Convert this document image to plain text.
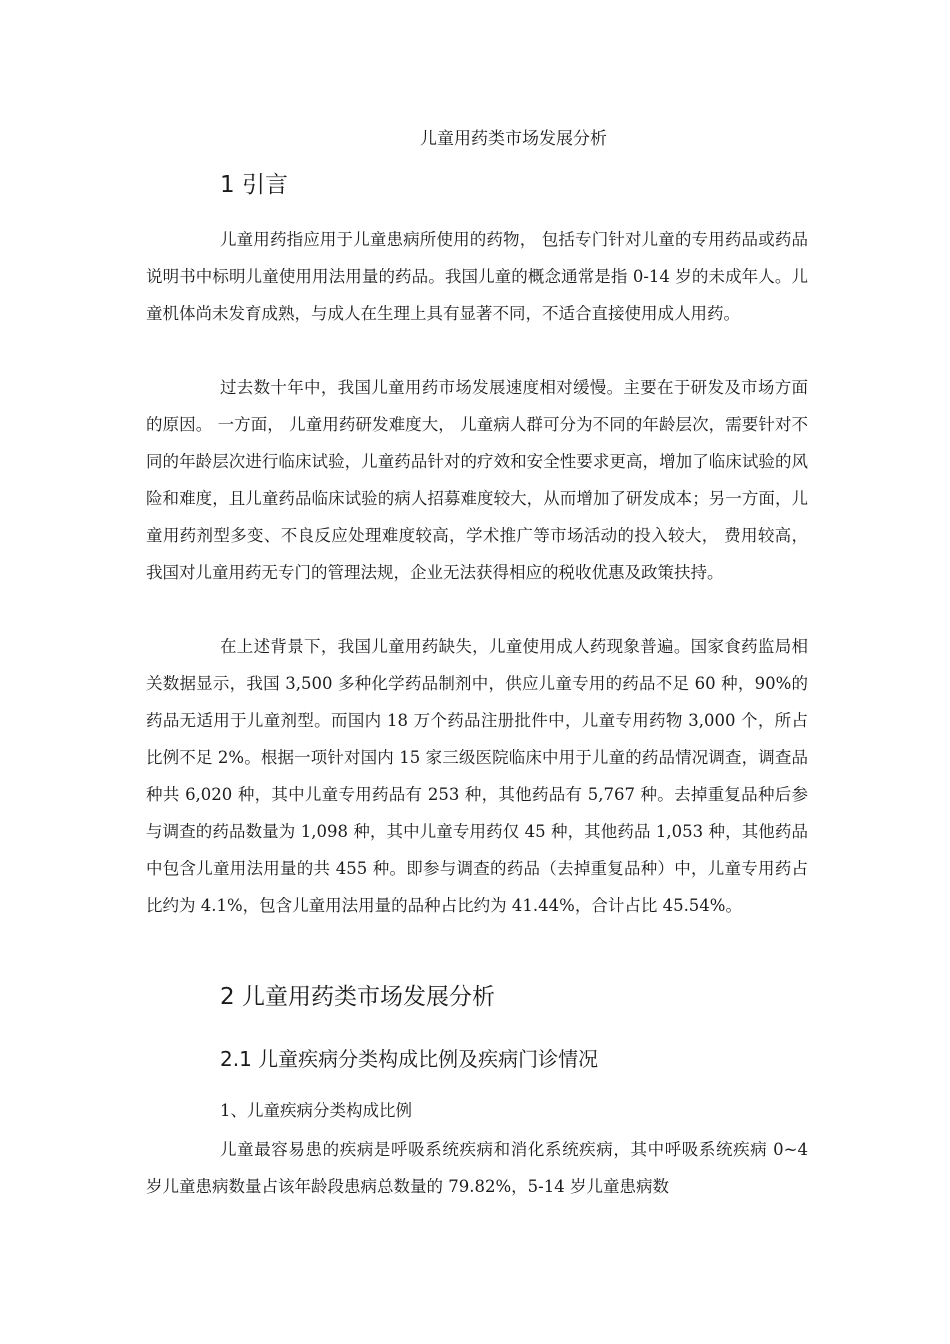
儿童用药类市场发展分析
1 引言

儿童用药指应用于儿童患病所使用的药物， 包括专门针对儿童的专用药品或药品说明书中标明儿童使用用法用量的药品。我国儿童的概念通常是指 0-14 岁的未成年人。儿童机体尚未发育成熟，与成人在生理上具有显著不同，不适合直接使用成人用药。

过去数十年中，我国儿童用药市场发展速度相对缓慢。主要在于研发及市场方面的原因。 一方面， 儿童用药研发难度大， 儿童病人群可分为不同的年龄层次，需要针对不同的年龄层次进行临床试验，儿童药品针对的疗效和安全性要求更高，增加了临床试验的风险和难度，且儿童药品临床试验的病人招募难度较大，从而增加了研发成本；另一方面，儿童用药剂型多变、不良反应处理难度较高，学术推广等市场活动的投入较大， 费用较高， 我国对儿童用药无专门的管理法规，企业无法获得相应的税收优惠及政策扶持。

在上述背景下，我国儿童用药缺失，儿童使用成人药现象普遍。国家食药监局相关数据显示，我国 3,500 多种化学药品制剂中，供应儿童专用的药品不足 60 种，90%的药品无适用于儿童剂型。而国内 18 万个药品注册批件中，儿童专用药物 3,000 个，所占比例不足 2%。根据一项针对国内 15 家三级医院临床中用于儿童的药品情况调查，调查品种共 6,020 种，其中儿童专用药品有 253 种，其他药品有 5,767 种。去掉重复品种后参与调查的药品数量为 1,098 种，其中儿童专用药仅 45 种，其他药品 1,053 种，其他药品中包含儿童用法用量的共 455 种。即参与调查的药品（去掉重复品种）中，儿童专用药占比约为 4.1%，包含儿童用法用量的品种占比约为 41.44%，合计占比 45.54%。

2 儿童用药类市场发展分析
2.1 儿童疾病分类构成比例及疾病门诊情况

1、儿童疾病分类构成比例

儿童最容易患的疾病是呼吸系统疾病和消化系统疾病，其中呼吸系统疾病 0~4 岁儿童患病数量占该年龄段患病总数量的 79.82%，5-14 岁儿童患病数
